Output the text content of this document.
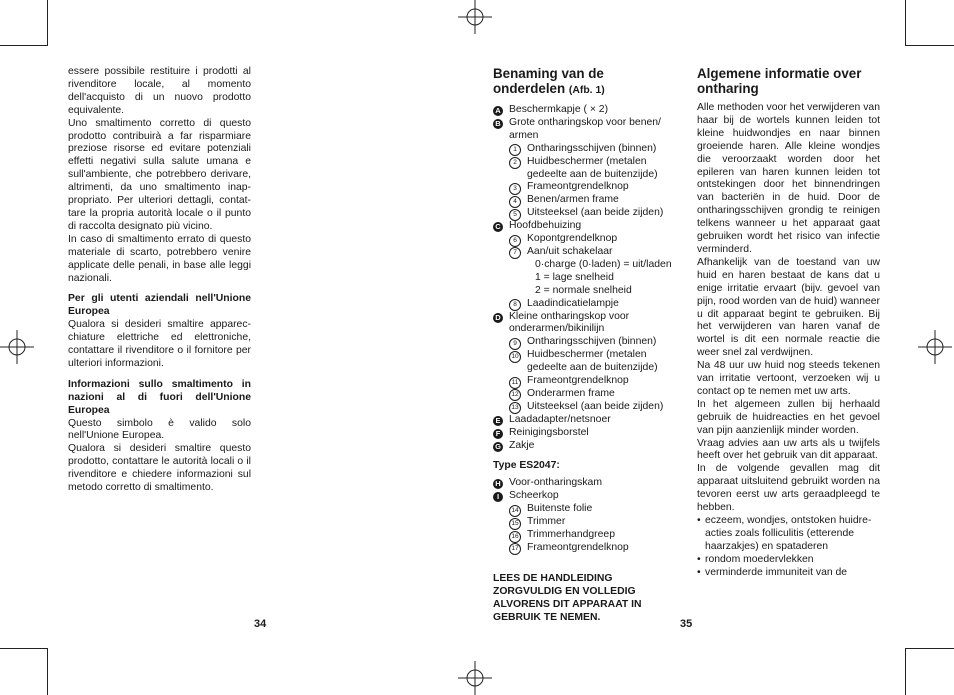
essere possibile restituire i prodotti al rivenditore locale, al momento dell'acquisto di un nuovo prodotto equivalente.

Uno smaltimento corretto di questo prodotto contribuirà a far risparmiare preziose risorse ed evitare potenziali effetti negativi sulla salute umana e sull'ambiente, che potrebbero derivare, altrimenti, da uno smaltimento inap- propriato. Per ulteriori dettagli, contat- tare la propria autorità locale o il punto di raccolta designato più vicino.

In caso di smaltimento errato di questo materiale di scarto, potrebbero venire applicate delle penali, in base alle leggi nazionali.

Per gli utenti aziendali nell'Unione Europea

Qualora si desideri smaltire apparec- chiature elettriche ed elettroniche, contattare il rivenditore o il fornitore per ulteriori informazioni.

Informazioni sullo smaltimento in nazioni al di fuori dell'Unione Europea

Questo simbolo è valido solo nell'Unione Europea.

Qualora si desideri smaltire questo prodotto, contattare le autorità locali o il rivenditore e chiedere informazioni sul metodo corretto di smaltimento.

34
Benaming van de
onderdelen (Afb. 1)
A Beschermkapje ( × 2)
B Grote ontharingskop voor benen/ armen
1 Ontharingsschijven (binnen)
2 Huidbeschermer (metalen gedeelte aan de buitenzijde)
3 Frameontgrendelknop
4 Benen/armen frame
5 Uitsteeksel (aan beide zijden)
C Hoofdbehuizing
6 Kopontgrendelknop
7 Aan/uit schakelaar
0·charge (0·laden) = uit/laden
1 = lage snelheid
2 = normale snelheid
8 Laadindicatielampje
D Kleine ontharingskop voor onderarmen/bikinilijn
9 Ontharingsschijven (binnen)
10 Huidbeschermer (metalen gedeelte aan de buitenzijde)
11 Frameontgrendelknop
12 Onderarmen frame
13 Uitsteeksel (aan beide zijden)
E Laadadapter/netsnoer
F Reinigingsborstel
G Zakje
Type ES2047:
H Voor-ontharingskam
I Scheerkop
14 Buitenste folie
15 Trimmer
16 Trimmerhandgreep
17 Frameontgrendelknop

LEES DE HANDLEIDING ZORGVULDIG EN VOLLEDIG ALVORENS DIT APPARAAT IN GEBRUIK TE NEMEN.

35
Algemene informatie over ontharing

Alle methoden voor het verwijderen van haar bij de wortels kunnen leiden tot kleine huidwondjes en naar binnen groeiende haren. Alle kleine wondjes die veroorzaakt worden door het epileren van haren kunnen leiden tot ontstekingen door het binnendringen van bacteriën in de huid. Door de ontharingsschijven grondig te reinigen telkens wanneer u het apparaat gaat gebruiken wordt het risico van infectie verminderd.

Afhankelijk van de toestand van uw huid en haren bestaat de kans dat u enige irritatie ervaart (bijv. gevoel van pijn, rood worden van de huid) wanneer u dit apparaat begint te gebruiken. Bij het verwijderen van haren vanaf de wortel is dit een normale reactie die weer snel zal verdwijnen.

Na 48 uur uw huid nog steeds tekenen van irritatie vertoont, verzoeken wij u contact op te nemen met uw arts.

In het algemeen zullen bij herhaald gebruik de huidreacties en het gevoel van pijn aanzienlijk minder worden.

Vraag advies aan uw arts als u twijfels heeft over het gebruik van dit apparaat.

In de volgende gevallen mag dit apparaat uitsluitend gebruikt worden na tevoren eerst uw arts geraadpleegd te hebben.

• eczeem, wondjes, ontstoken huidre- acties zoals folliculitis (etterende haarzakjes) en spataderen
• rondom moedervlekken
• verminderde immuniteit van de
